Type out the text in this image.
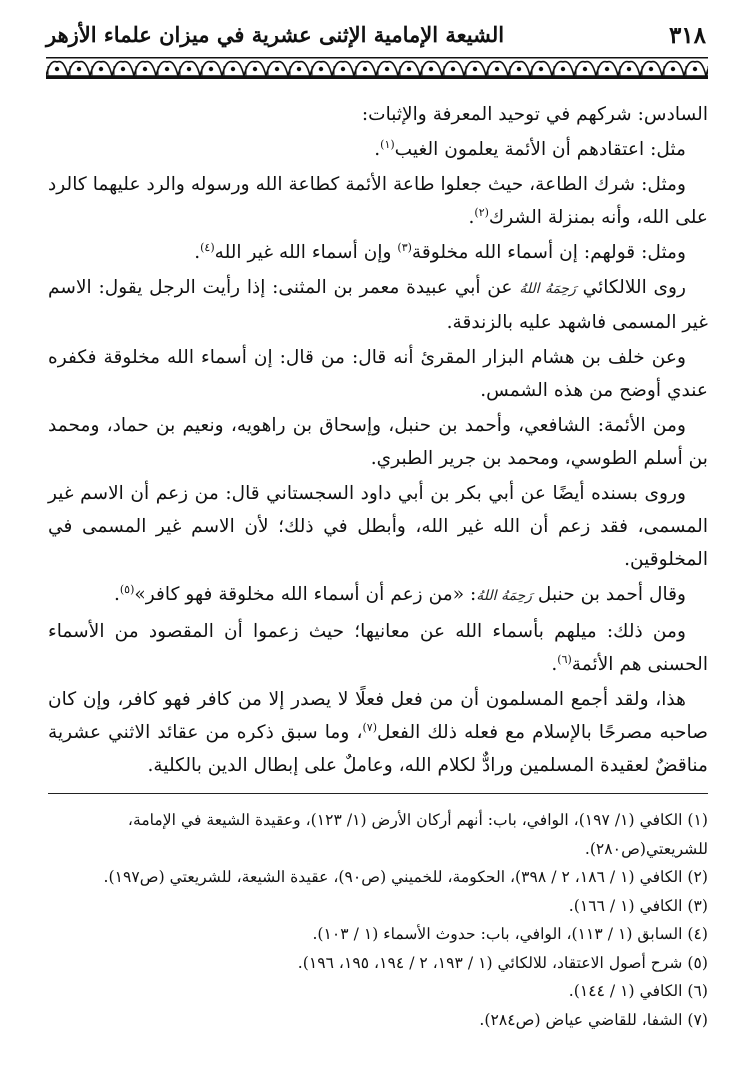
٣١٨
الشيعة الإمامية الإثنى عشرية في ميزان علماء الأزهر

السادس: شركهم في توحيد المعرفة والإثبات:

مثل: اعتقادهم أن الأئمة يعلمون الغيب$^{(١)}$.

ومثل: شرك الطاعة، حيث جعلوا طاعة الأئمة كطاعة الله ورسوله والرد عليهما كالرد على الله، وأنه بمنزلة الشرك$^{(٢)}$.

ومثل: قولهم: إن أسماء الله مخلوقة$^{(٣)}$ وإن أسماء الله غير الله$^{(٤)}$.

روى اللالكائي رَحِمَهُ اللهُ عن أبي عبيدة معمر بن المثنى: إذا رأيت الرجل يقول: الاسم غير المسمى فاشهد عليه بالزندقة.

وعن خلف بن هشام البزار المقرئ أنه قال: من قال: إن أسماء الله مخلوقة فكفره عندي أوضح من هذه الشمس.

ومن الأئمة: الشافعي، وأحمد بن حنبل، وإسحاق بن راهويه، ونعيم بن حماد، ومحمد بن أسلم الطوسي، ومحمد بن جرير الطبري.

وروى بسنده أيضًا عن أبي بكر بن أبي داود السجستاني قال: من زعم أن الاسم غير المسمى، فقد زعم أن الله غير الله، وأبطل في ذلك؛ لأن الاسم غير المسمى في المخلوقين.

وقال أحمد بن حنبل رَحِمَهُ اللهُ: «من زعم أن أسماء الله مخلوقة فهو كافر»$^{(٥)}$.

ومن ذلك: ميلهم بأسماء الله عن معانيها؛ حيث زعموا أن المقصود من الأسماء الحسنى هم الأئمة$^{(٦)}$.

هذا، ولقد أجمع المسلمون أن من فعل فعلًا لا يصدر إلا من كافر فهو كافر، وإن كان صاحبه مصرحًا بالإسلام مع فعله ذلك الفعل$^{(٧)}$، وما سبق ذكره من عقائد الاثني عشرية مناقضٌ لعقيدة المسلمين ورادٌّ لكلام الله، وعاملٌ على إبطال الدين بالكلية.

(١) الكافي (١/ ١٩٧)، الوافي، باب: أنهم أركان الأرض (١/ ١٢٣)، وعقيدة الشيعة في الإمامة، للشريعتي(ص٢٨٠).

(٢) الكافي (١ / ١٨٦، ٢ / ٣٩٨)، الحكومة، للخميني (ص٩٠)، عقيدة الشيعة، للشريعتي (ص١٩٧).

(٣) الكافي (١ / ١٦٦).

(٤) السابق (١ / ١١٣)، الوافي، باب: حدوث الأسماء (١ / ١٠٣).

(٥) شرح أصول الاعتقاد، للالكائي (١ / ١٩٣، ٢ / ١٩٤، ١٩٥، ١٩٦).

(٦) الكافي (١ / ١٤٤).

(٧) الشفا، للقاضي عياض (ص٢٨٤).
